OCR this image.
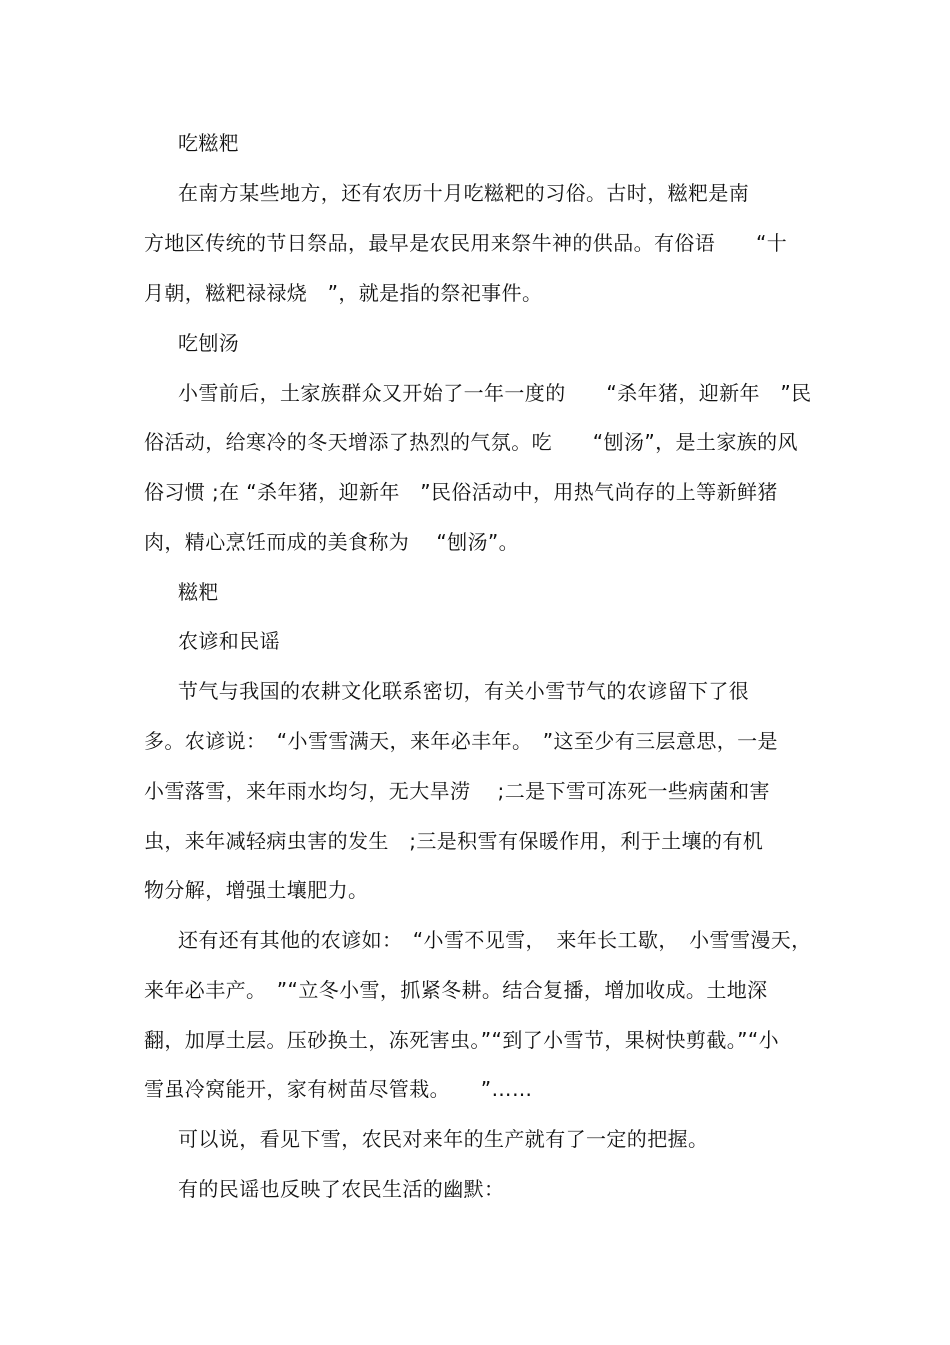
吃糍粑
在南方某些地方，还有农历十月吃糍粑的习俗。古时，糍粑是南
方地区传统的节日祭品，最早是农民用来祭牛神的供品。有俗语　　“十
月朝，糍粑禄禄烧　”，就是指的祭祀事件。
吃刨汤
小雪前后，土家族群众又开始了一年一度的　　“杀年猪，迎新年　”民
俗活动，给寒冷的冬天增添了热烈的气氛。吃　　“刨汤”，是土家族的风
俗习惯 ;在 “杀年猪，迎新年　”民俗活动中，用热气尚存的上等新鲜猪
肉，精心烹饪而成的美食称为　 “刨汤”。
糍粑
农谚和民谣
节气与我国的农耕文化联系密切，有关小雪节气的农谚留下了很
多。农谚说：　“小雪雪满天，来年必丰年。　”这至少有三层意思，一是
小雪落雪，来年雨水均匀，无大旱涝　 ;二是下雪可冻死一些病菌和害
虫，来年减轻病虫害的发生　;三是积雪有保暖作用，利于土壤的有机
物分解，增强土壤肥力。
还有还有其他的农谚如：　“小雪不见雪，　来年长工歇，　小雪雪漫天，
来年必丰产。　”“立冬小雪，抓紧冬耕。结合复播，增加收成。土地深
翻，加厚土层。压砂换土，冻死害虫。”“到了小雪节，果树快剪截。”“小
雪虽冷窝能开，家有树苗尽管栽。　　”……
可以说，看见下雪，农民对来年的生产就有了一定的把握。
有的民谣也反映了农民生活的幽默：
